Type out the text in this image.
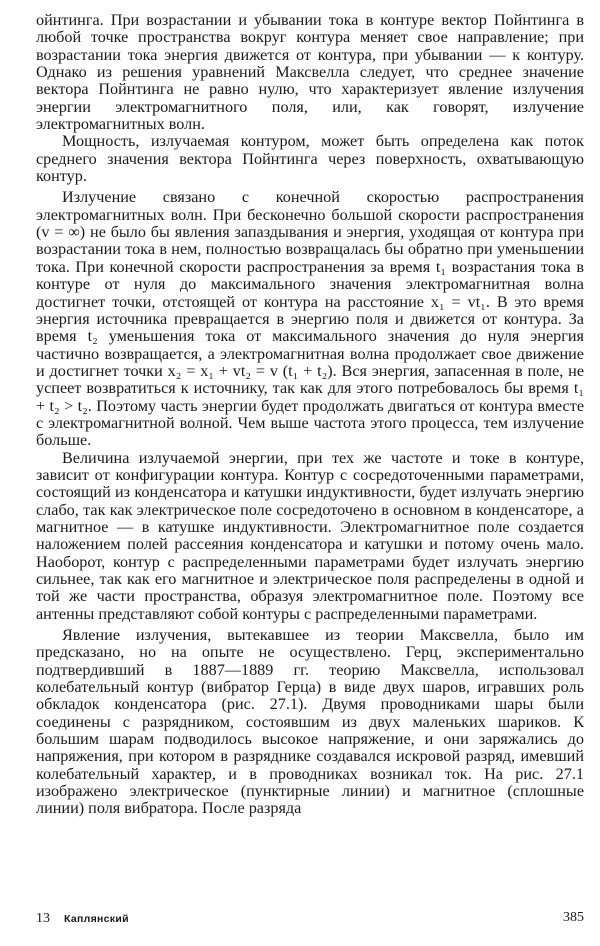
ойнтинга. При возрастании и убывании тока в контуре вектор Пойнтинга в любой точке пространства вокруг контура меняет свое направление; при возрастании тока энергия движется от контура, при убывании — к контуру. Однако из решения уравнений Максвелла следует, что среднее значение вектора Пойнтинга не равно нулю, что характеризует явление излучения энергии электромагнитного поля, или, как говорят, излучение электромагнитных волн.

Мощность, излучаемая контуром, может быть определена как поток среднего значения вектора Пойнтинга через поверхность, охватывающую контур.

Излучение связано с конечной скоростью распространения электромагнитных волн. При бесконечно большой скорости распространения (v = ∞) не было бы явления запаздывания и энергия, уходящая от контура при возрастании тока в нем, полностью возвращалась бы обратно при уменьшении тока. При конечной скорости распространения за время t₁ возрастания тока в контуре от нуля до максимального значения электромагнитная волна достигнет точки, отстоящей от контура на расстояние x₁ = vt₁. В это время энергия источника превращается в энергию поля и движется от контура. За время t₂ уменьшения тока от максимального значения до нуля энергия частично возвращается, а электромагнитная волна продолжает свое движение и достигнет точки x₂ = x₁ + vt₂ = v (t₁ + t₂). Вся энергия, запасенная в поле, не успеет возвратиться к источнику, так как для этого потребовалось бы время t₁ + t₂ > t₂. Поэтому часть энергии будет продолжать двигаться от контура вместе с электромагнитной волной. Чем выше частота этого процесса, тем излучение больше.

Величина излучаемой энергии, при тех же частоте и токе в контуре, зависит от конфигурации контура. Контур с сосредоточенными параметрами, состоящий из конденсатора и катушки индуктивности, будет излучать энергию слабо, так как электрическое поле сосредоточено в основном в конденсаторе, а магнитное — в катушке индуктивности. Электромагнитное поле создается наложением полей рассеяния конденсатора и катушки и потому очень мало. Наоборот, контур с распределенными параметрами будет излучать энергию сильнее, так как его магнитное и электрическое поля распределены в одной и той же части пространства, образуя электромагнитное поле. Поэтому все антенны представляют собой контуры с распределенными параметрами.

Явление излучения, вытекавшее из теории Максвелла, было им предсказано, но на опыте не осуществлено. Герц, экспериментально подтвердивший в 1887—1889 гг. теорию Максвелла, использовал колебательный контур (вибратор Герца) в виде двух шаров, игравших роль обкладок конденсатора (рис. 27.1). Двумя проводниками шары были соединены с разрядником, состоявшим из двух маленьких шариков. К большим шарам подводилось высокое напряжение, и они заряжались до напряжения, при котором в разряднике создавался искровой разряд, имевший колебательный характер, и в проводниках возникал ток. На рис. 27.1 изображено электрическое (пунктирные линии) и магнитное (сплошные линии) поля вибратора. После разряда

13 Каплянский	385
